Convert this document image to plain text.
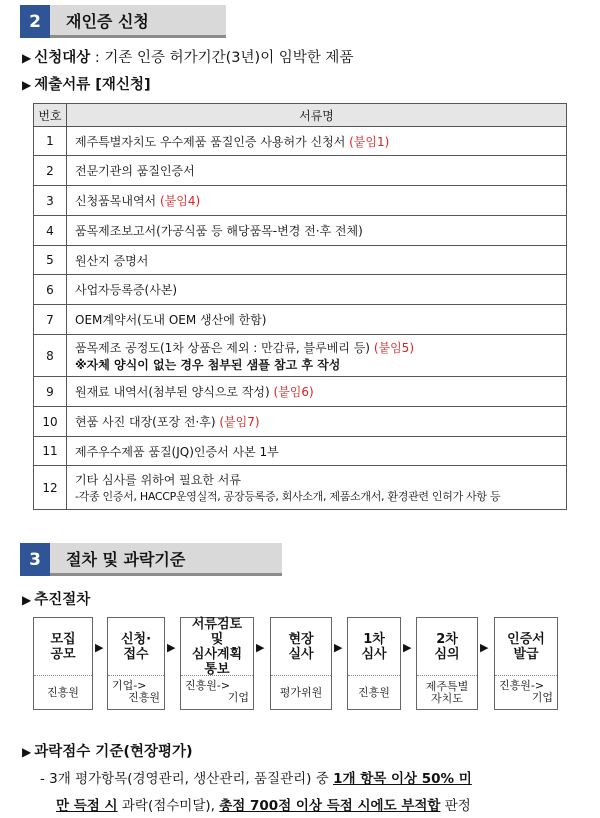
2	재인증 신청
▶ 신청대상 : 기존 인증 허가기간(3년)이 임박한 제품
▶ 제출서류 [재신청]
번호	서류명
1	제주특별자치도 우수제품 품질인증 사용허가 신청서 (붙임1)
2	전문기관의 품질인증서
3	신청품목내역서 (붙임4)
4	품목제조보고서(가공식품 등 해당품목-변경 전·후 전체)
5	원산지 증명서
6	사업자등록증(사본)
7	OEM계약서(도내 OEM 생산에 한함)
8	품목제조 공정도(1차 상품은 제외 : 만감류, 블루베리 등) (붙임5)
※자체 양식이 없는 경우 첨부된 샘플 참고 후 작성

9	원재료 내역서(첨부된 양식으로 작성) (붙임6)
10	현품 사진 대장(포장 전·후) (붙임7)
11	제주우수제품 품질(JQ)인증서 사본 1부
12	기타 심사를 위하여 필요한 서류
-각종 인증서, HACCP운영실적, 공장등록증, 회사소개, 제품소개서, 환경관련 인허가 사항 등
3	절차 및 과락기준
▶ 추진절차
모집
공모
진흥원
▶
신청·
접수
기업->
진흥원
▶
서류검토
및
심사계획
통보
진흥원->
기업
▶
현장
실사
평가위원
▶
1차
심사
진흥원
▶
2차
심의
제주특별
자치도
▶
인증서
발급
진흥원->
기업
▶ 과락점수 기준(현장평가)
- 3개 평가항목(경영관리, 생산관리, 품질관리) 중 1개 항목 이상 50% 미
만 득점 시 과락(점수미달), 총점 700점 이상 득점 시에도 부적합 판정
